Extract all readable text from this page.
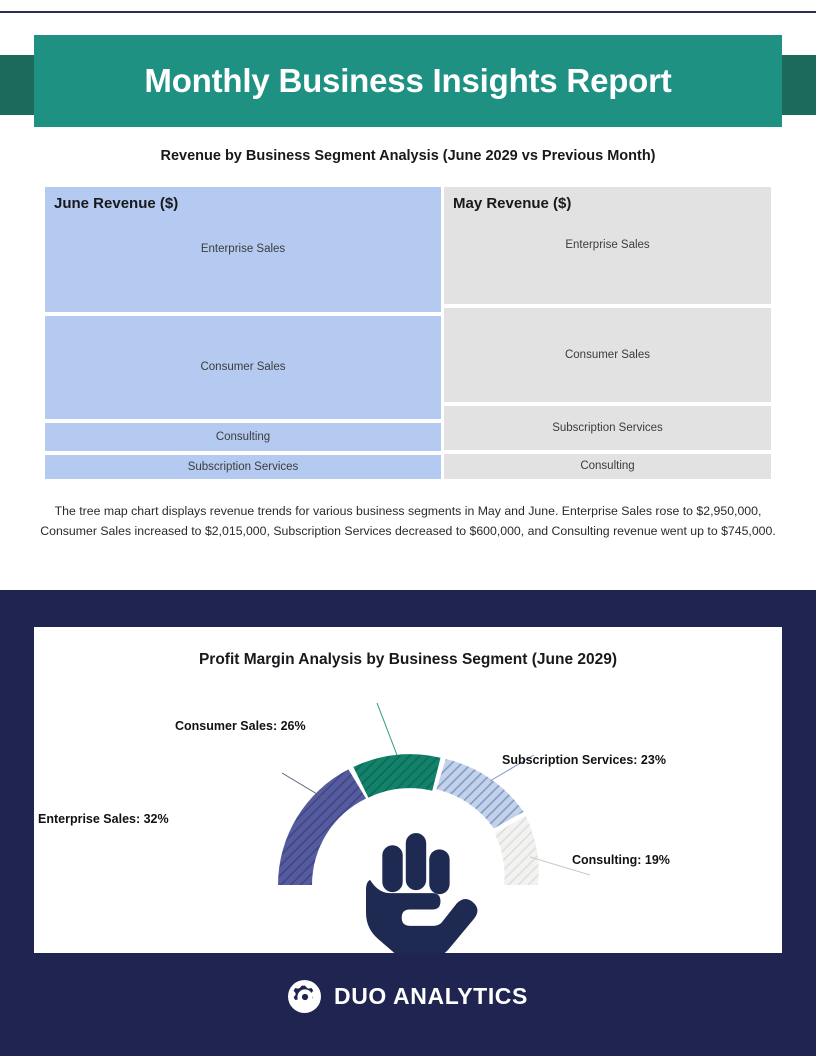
Monthly Business Insights Report
Revenue by Business Segment Analysis (June 2029 vs Previous Month)
June Revenue ($)
Enterprise Sales
Consumer Sales
Consulting
Subscription Services
May Revenue ($)
Enterprise Sales
Consumer Sales
Subscription Services
Consulting
The tree map chart displays revenue trends for various business segments in May and June. Enterprise Sales rose to $2,950,000, Consumer Sales increased to $2,015,000, Subscription Services decreased to $600,000, and Consulting revenue went up to $745,000.
Profit Margin Analysis by Business Segment (June 2029)
Enterprise Sales: 32%
Consumer Sales: 26%
Subscription Services: 23%
Consulting: 19%
DUO ANALYTICS
